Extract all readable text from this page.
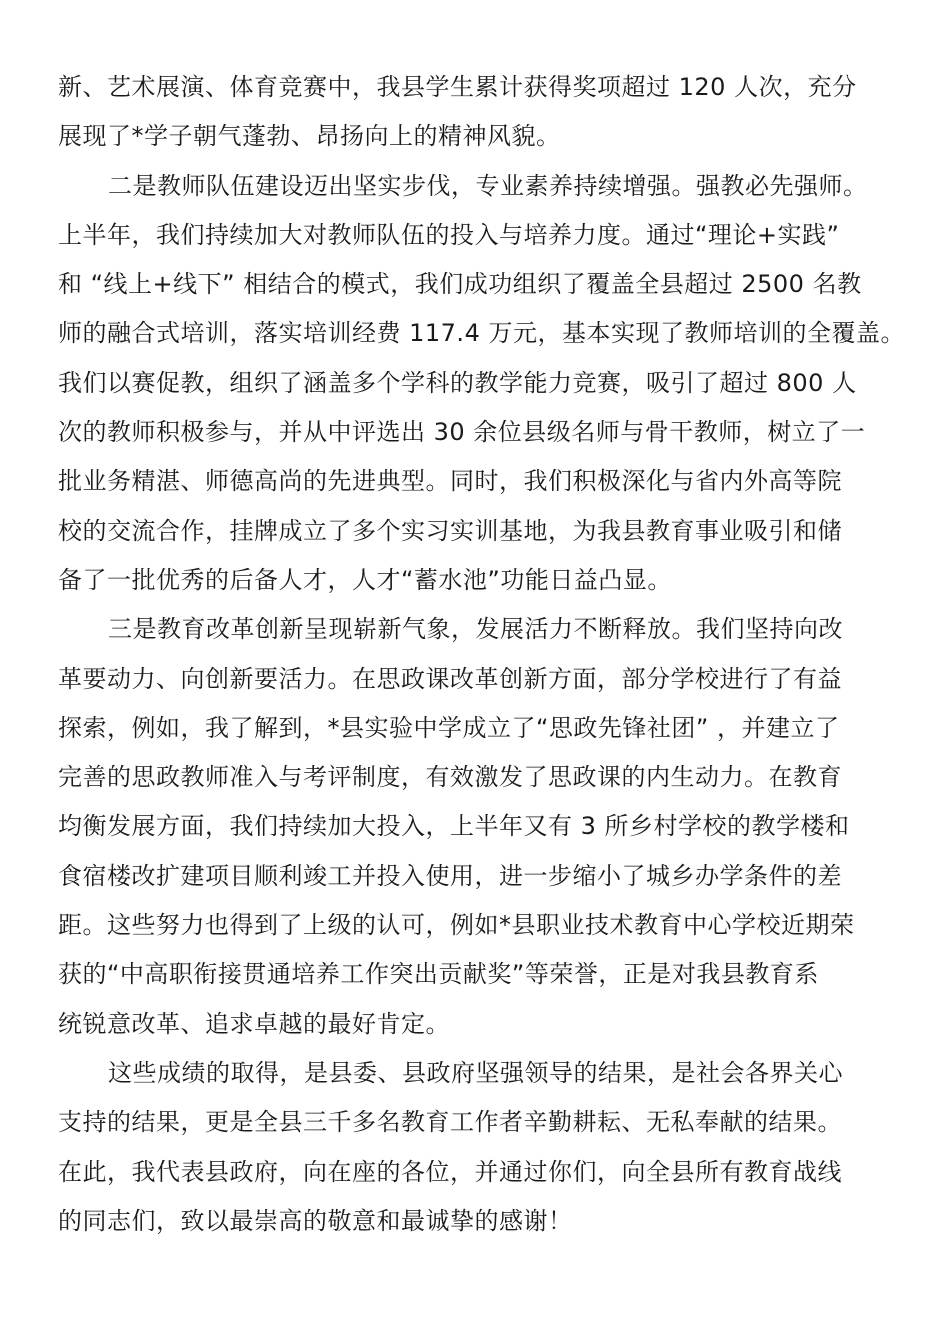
新、艺术展演、体育竞赛中，我县学生累计获得奖项超过 120 人次，充分
展现了*学子朝气蓬勃、昂扬向上的精神风貌。
二是教师队伍建设迈出坚实步伐，专业素养持续增强。强教必先强师。
上半年，我们持续加大对教师队伍的投入与培养力度。通过“理论+实践”
和 “线上+线下” 相结合的模式，我们成功组织了覆盖全县超过 2500 名教
师的融合式培训，落实培训经费 117.4 万元，基本实现了教师培训的全覆盖。
我们以赛促教，组织了涵盖多个学科的教学能力竞赛，吸引了超过 800 人
次的教师积极参与，并从中评选出 30 余位县级名师与骨干教师，树立了一
批业务精湛、师德高尚的先进典型。同时，我们积极深化与省内外高等院
校的交流合作，挂牌成立了多个实习实训基地，为我县教育事业吸引和储
备了一批优秀的后备人才，人才“蓄水池”功能日益凸显。
三是教育改革创新呈现崭新气象，发展活力不断释放。我们坚持向改
革要动力、向创新要活力。在思政课改革创新方面，部分学校进行了有益
探索，例如，我了解到，*县实验中学成立了“思政先锋社团” ，并建立了
完善的思政教师准入与考评制度，有效激发了思政课的内生动力。在教育
均衡发展方面，我们持续加大投入，上半年又有 3 所乡村学校的教学楼和
食宿楼改扩建项目顺利竣工并投入使用，进一步缩小了城乡办学条件的差
距。这些努力也得到了上级的认可，例如*县职业技术教育中心学校近期荣
获的“中高职衔接贯通培养工作突出贡献奖”等荣誉，正是对我县教育系
统锐意改革、追求卓越的最好肯定。
这些成绩的取得，是县委、县政府坚强领导的结果，是社会各界关心
支持的结果，更是全县三千多名教育工作者辛勤耕耘、无私奉献的结果。
在此，我代表县政府，向在座的各位，并通过你们，向全县所有教育战线
的同志们，致以最崇高的敬意和最诚挚的感谢！
